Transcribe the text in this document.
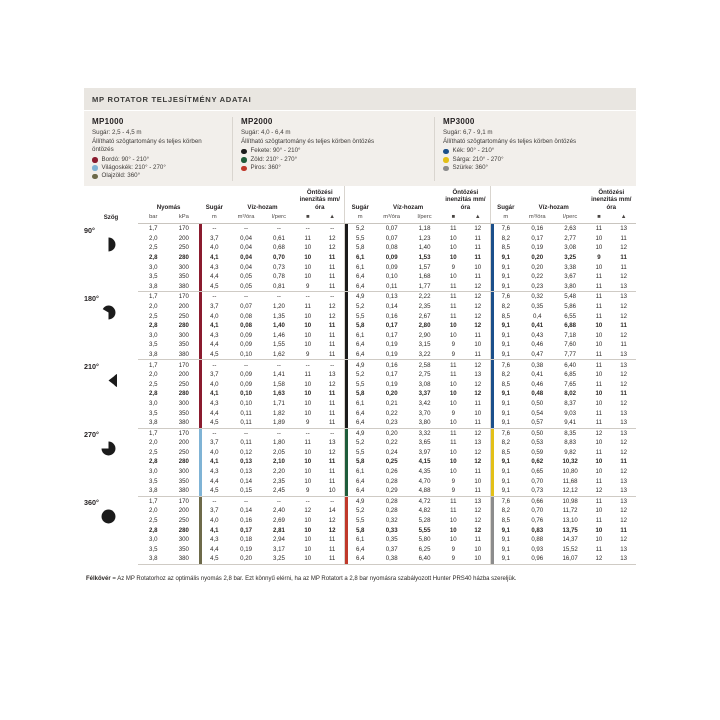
MP ROTATOR TELJESÍTMÉNY ADATAI
MP1000
Sugár: 2,5 - 4,5 m
Állítható szögtartomány és teljes körben öntözés
Bordó: 90° - 210°
Világoskék: 210° - 270°
Olajzöld: 360°
MP2000
Sugár: 4,0 - 6,4 m
Állítható szögtartomány és teljes körben öntözés
Fekete: 90° - 210°
Zöld: 210° - 270°
Piros: 360°
MP3000
Sugár: 6,7 - 9,1 m
Állítható szögtartomány és teljes körben öntözés
Kék: 90° - 210°
Sárga: 210° - 270°
Szürke: 360°
Szög	Nyomás		Sugár	Víz-hozam		Öntözési inenzitás mm/óra		Sugár	Víz-hozam		Öntözési inenzitás mm/óra		Sugár	Víz-hozam		Öntözési inenzitás mm/óra	
	bar	kPa	m	m³/óra	l/perc	■	▲	m	m³/óra	l/perc	■	▲	m	m³/óra	l/perc	■	▲

90°	1,7	170	--	--	--	--	--	5,2	0,07	1,18	11	12	7,6	0,16	2,63	11	13
	2,0	200	3,7	0,04	0,61	11	12	5,5	0,07	1,23	10	11	8,2	0,17	2,77	10	11
	2,5	250	4,0	0,04	0,68	10	12	5,8	0,08	1,40	10	11	8,5	0,19	3,08	10	12
	2,8	280	4,1	0,04	0,70	10	11	6,1	0,09	1,53	10	11	9,1	0,20	3,25	9	11
	3,0	300	4,3	0,04	0,73	10	11	6,1	0,09	1,57	9	10	9,1	0,20	3,38	10	11
	3,5	350	4,4	0,05	0,78	10	11	6,4	0,10	1,68	10	11	9,1	0,22	3,67	11	12
	3,8	380	4,5	0,05	0,81	9	11	6,4	0,11	1,77	11	12	9,1	0,23	3,80	11	13

180°	1,7	170	--	--	--	--	--	4,9	0,13	2,22	11	12	7,6	0,32	5,48	11	13
	2,0	200	3,7	0,07	1,20	11	12	5,2	0,14	2,35	11	12	8,2	0,35	5,86	11	12
	2,5	250	4,0	0,08	1,35	10	12	5,5	0,16	2,67	11	12	8,5	0,4	6,55	11	12
	2,8	280	4,1	0,08	1,40	10	11	5,8	0,17	2,80	10	12	9,1	0,41	6,88	10	11
	3,0	300	4,3	0,09	1,46	10	11	6,1	0,17	2,90	10	11	9,1	0,43	7,18	10	12
	3,5	350	4,4	0,09	1,55	10	11	6,4	0,19	3,15	9	10	9,1	0,46	7,60	10	11
	3,8	380	4,5	0,10	1,62	9	11	6,4	0,19	3,22	9	11	9,1	0,47	7,77	11	13

210°	1,7	170	--	--	--	--	--	4,9	0,16	2,58	11	12	7,6	0,38	6,40	11	13
	2,0	200	3,7	0,09	1,41	11	13	5,2	0,17	2,75	11	13	8,2	0,41	6,85	10	12
	2,5	250	4,0	0,09	1,58	10	12	5,5	0,19	3,08	10	12	8,5	0,46	7,65	11	12
	2,8	280	4,1	0,10	1,63	10	11	5,8	0,20	3,37	10	12	9,1	0,48	8,02	10	11
	3,0	300	4,3	0,10	1,71	10	11	6,1	0,21	3,42	10	11	9,1	0,50	8,37	10	12
	3,5	350	4,4	0,11	1,82	10	11	6,4	0,22	3,70	9	10	9,1	0,54	9,03	11	13
	3,8	380	4,5	0,11	1,89	9	11	6,4	0,23	3,80	10	11	9,1	0,57	9,41	11	13

270°	1,7	170	--	--	--	--	--	4,9	0,20	3,32	11	12	7,6	0,50	8,35	12	13
	2,0	200	3,7	0,11	1,80	11	13	5,2	0,22	3,65	11	13	8,2	0,53	8,83	10	12
	2,5	250	4,0	0,12	2,05	10	12	5,5	0,24	3,97	10	12	8,5	0,59	9,82	11	12
	2,8	280	4,1	0,13	2,10	10	11	5,8	0,25	4,15	10	12	9,1	0,62	10,32	10	11
	3,0	300	4,3	0,13	2,20	10	11	6,1	0,26	4,35	10	11	9,1	0,65	10,80	10	12
	3,5	350	4,4	0,14	2,35	10	11	6,4	0,28	4,70	9	10	9,1	0,70	11,68	11	13
	3,8	380	4,5	0,15	2,45	9	10	6,4	0,29	4,88	9	11	9,1	0,73	12,12	12	13

360°	1,7	170	--	--	--	--	--	4,9	0,28	4,72	11	13	7,6	0,66	10,98	11	13
	2,0	200	3,7	0,14	2,40	12	14	5,2	0,28	4,82	11	12	8,2	0,70	11,72	10	12
	2,5	250	4,0	0,16	2,69	10	12	5,5	0,32	5,28	10	12	8,5	0,76	13,10	11	12
	2,8	280	4,1	0,17	2,81	10	12	5,8	0,33	5,55	10	12	9,1	0,83	13,75	10	11
	3,0	300	4,3	0,18	2,94	10	11	6,1	0,35	5,80	10	11	9,1	0,88	14,37	10	12
	3,5	350	4,4	0,19	3,17	10	11	6,4	0,37	6,25	9	10	9,1	0,93	15,52	11	13
	3,8	380	4,5	0,20	3,25	10	11	6,4	0,38	6,40	9	10	9,1	0,96	16,07	12	13
Félkövér = Az MP Rotatorhoz az optimális nyomás 2,8 bar. Ezt könnyű elérni, ha az MP Rotatort a 2,8 bar nyomásra szabályozott Hunter PRS40 házba szereljük.
